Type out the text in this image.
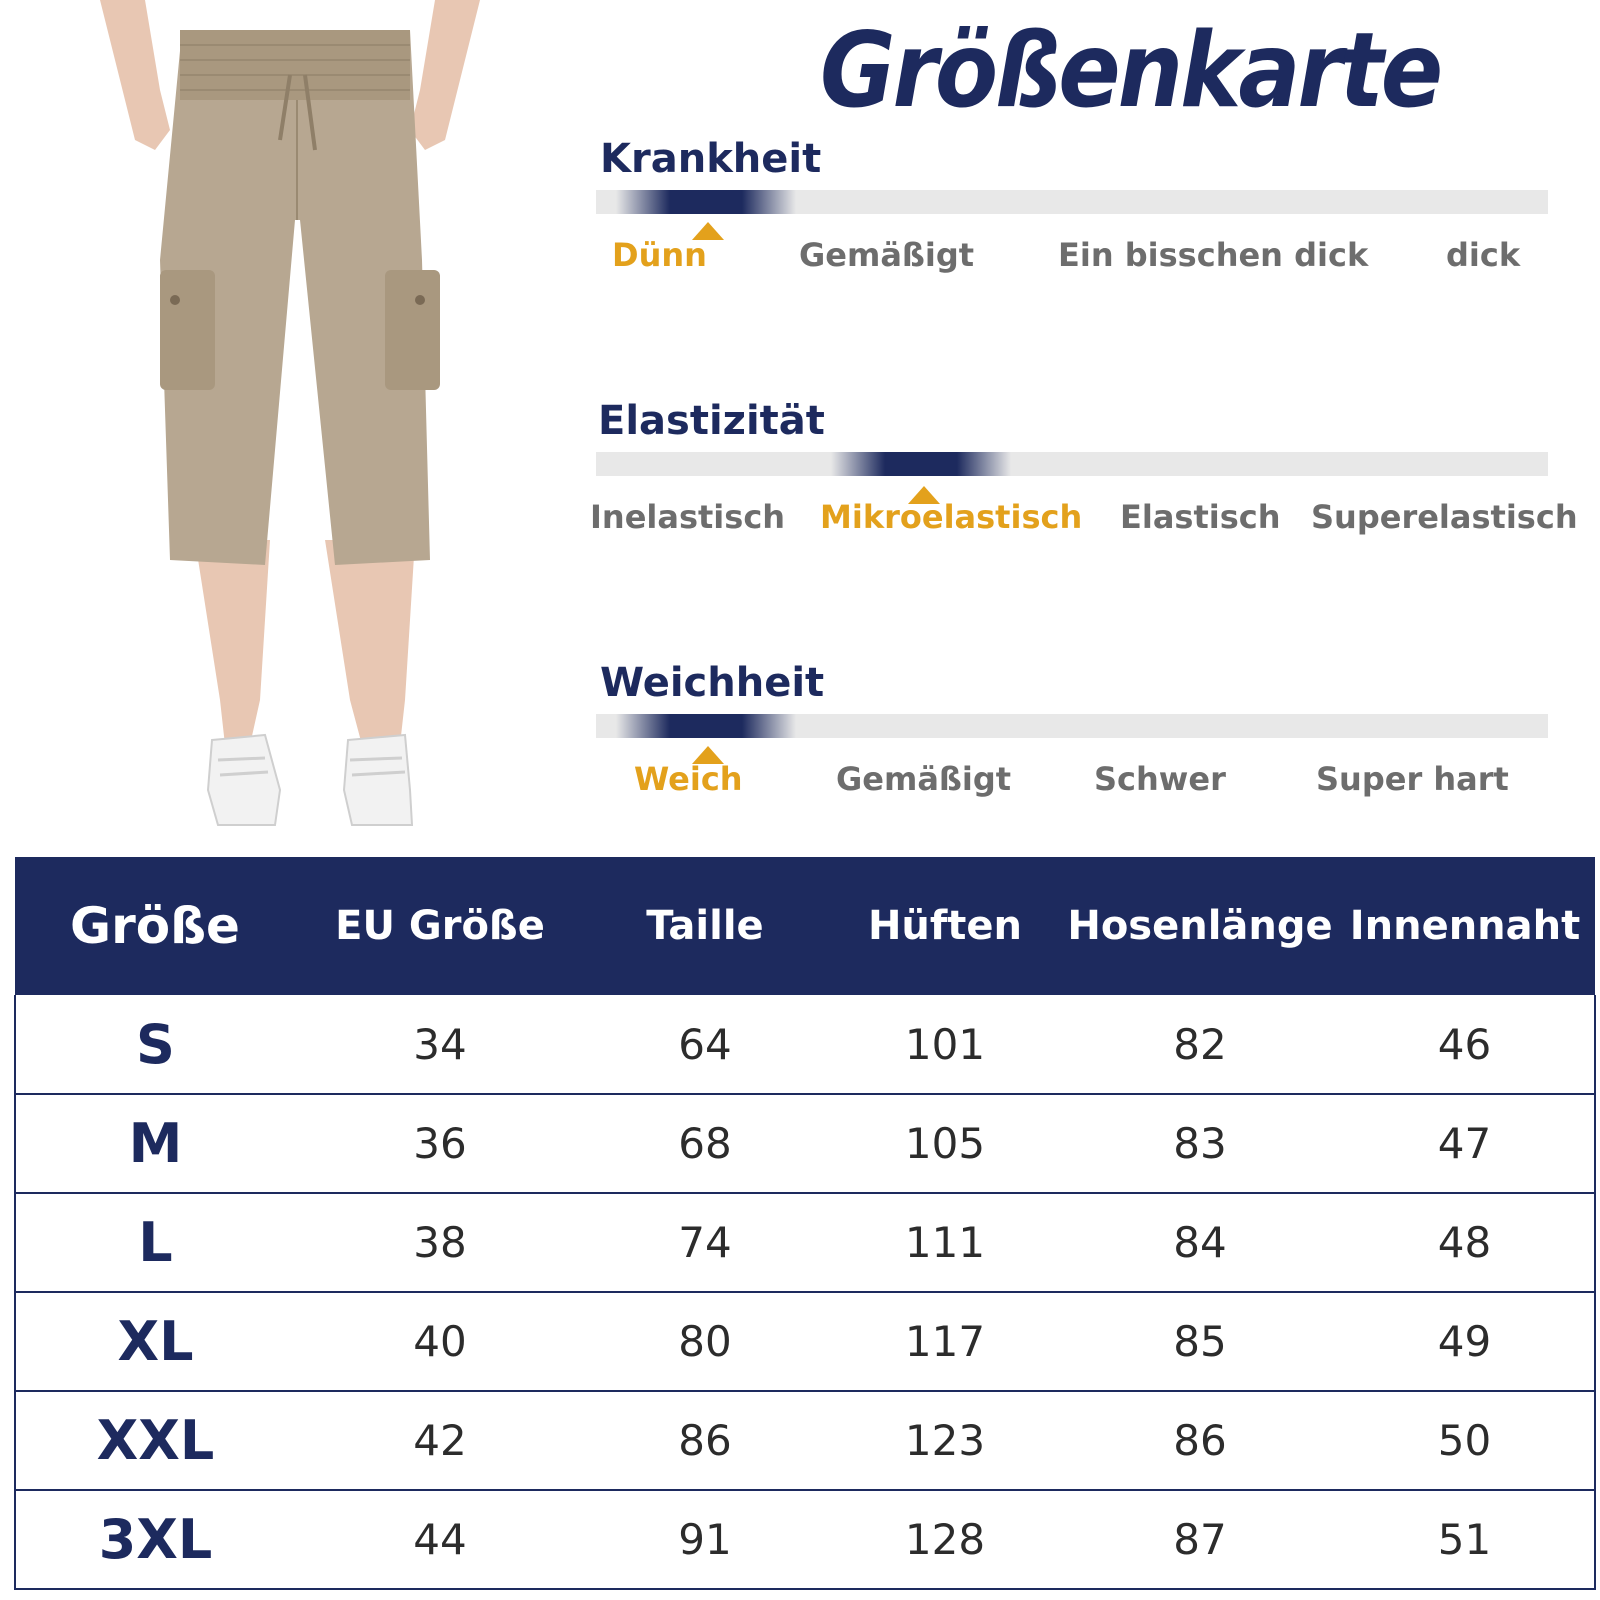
Größenkarte
Krankheit
Dünn	Gemäßigt	Ein bisschen dick dick
Elastizität
Inelastisch Mikroelastisch Elastisch Superelastisch
Weichheit
Weich	Gemäßigt	Schwer	Super hart
Größe	EU Größe	Taille	Hüften	Hosenlänge	Innennaht
S	34	64	101	82	46
M	36	68	105	83	47
L	38	74	111	84	48
XL	40	80	117	85	49
XXL	42	86	123	86	50
3XL	44	91	128	87	51
